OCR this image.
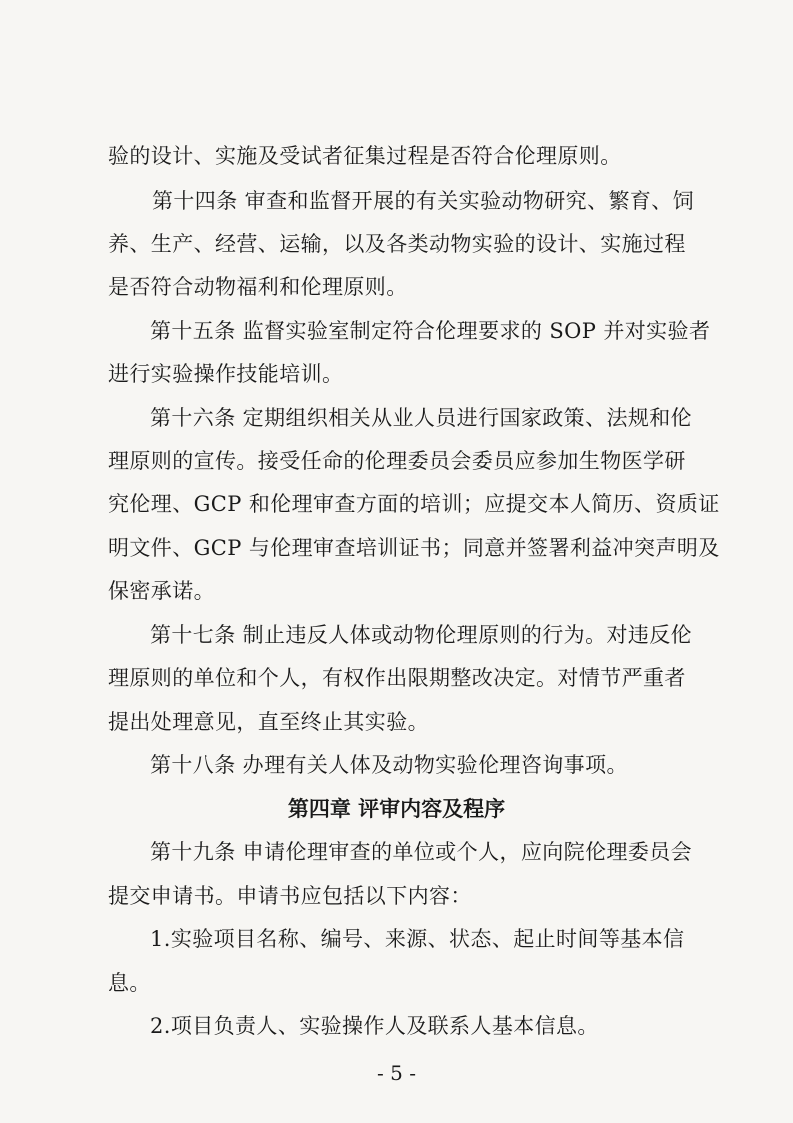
验的设计、实施及受试者征集过程是否符合伦理原则。
第十四条 审查和监督开展的有关实验动物研究、繁育、饲
养、生产、经营、运输，以及各类动物实验的设计、实施过程
是否符合动物福利和伦理原则。
第十五条 监督实验室制定符合伦理要求的 SOP 并对实验者
进行实验操作技能培训。
第十六条 定期组织相关从业人员进行国家政策、法规和伦
理原则的宣传。接受任命的伦理委员会委员应参加生物医学研
究伦理、GCP 和伦理审查方面的培训；应提交本人简历、资质证
明文件、GCP 与伦理审查培训证书；同意并签署利益冲突声明及
保密承诺。
第十七条 制止违反人体或动物伦理原则的行为。对违反伦
理原则的单位和个人，有权作出限期整改决定。对情节严重者
提出处理意见，直至终止其实验。
第十八条 办理有关人体及动物实验伦理咨询事项。
第四章 评审内容及程序
第十九条 申请伦理审查的单位或个人，应向院伦理委员会
提交申请书。申请书应包括以下内容：
1.实验项目名称、编号、来源、状态、起止时间等基本信
息。
2.项目负责人、实验操作人及联系人基本信息。
- 5 -
